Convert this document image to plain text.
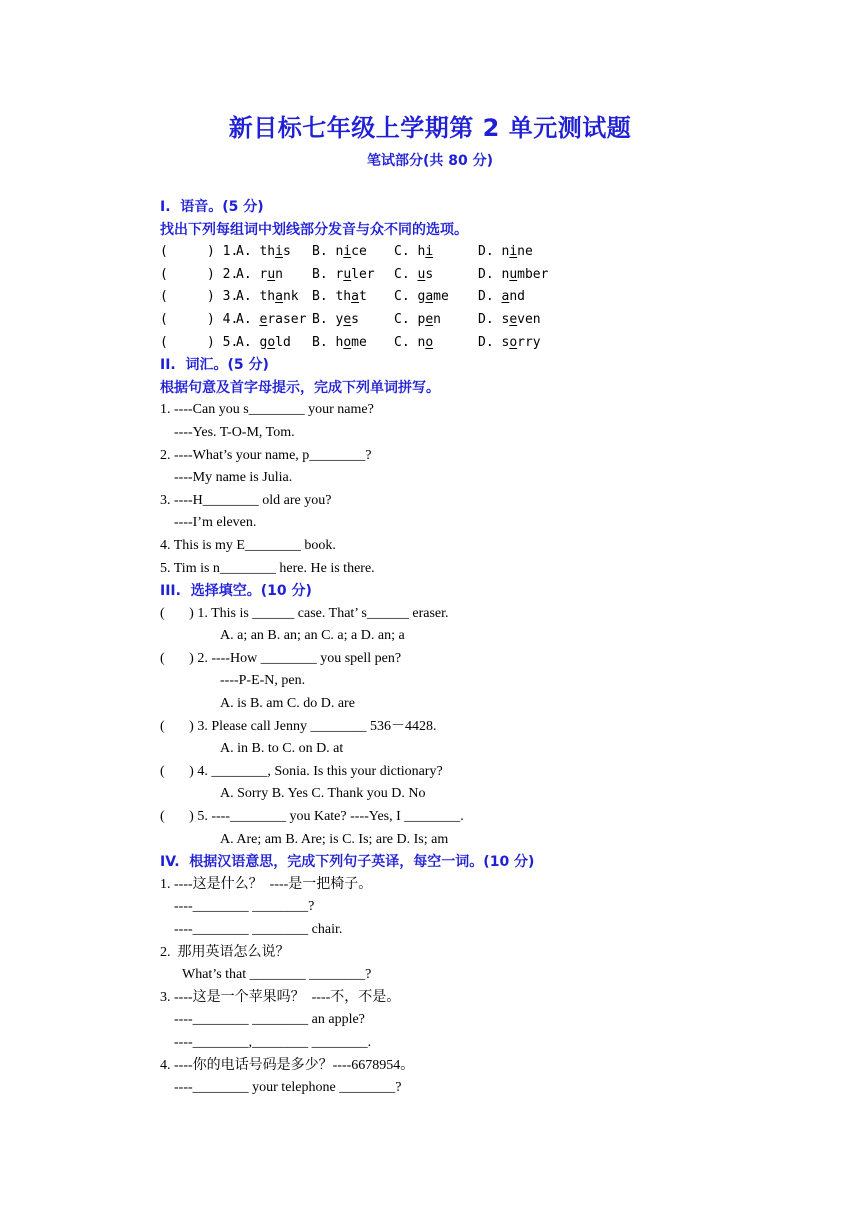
新目标七年级上学期第 2 单元测试题
笔试部分(共 80 分)
I.  语音。(5 分)
找出下列每组词中划线部分发音与众不同的选项。
(     ) 1.A. this B. nice C. hi	D. nine
(     ) 2.A. run B. ruler C. us	D. number
(     ) 3.A. thank B. that C. game D. and
(     ) 4.A. eraser B. yes	C. pen	D. seven
(     ) 5.A. gold B. home C. no	D. sorry
II.  词汇。(5 分)
根据句意及首字母提示，完成下列单词拼写。
1. ----Can you s________ your name?
----Yes. T-O-M, Tom.
2. ----What’s your name, p________?
----My name is Julia.
3. ----H________ old are you?
----I’m eleven.
4. This is my E________ book.
5. Tim is n________ here. He is there.
III.  选择填空。(10 分)
(       ) 1. This is ______ case. That’ s______ eraser.
A. a; an B. an; an C. a; a D. an; a
(       ) 2. ----How ________ you spell pen?
----P-E-N, pen.
A. is B. am C. do D. are
(       ) 3. Please call Jenny ________ 536－4428.
A. in B. to C. on D. at
(       ) 4. ________, Sonia. Is this your dictionary?
A. Sorry B. Yes C. Thank you D. No
(       ) 5. ----________ you Kate? ----Yes, I ________.
A. Are; am B. Are; is C. Is; are D. Is; am
IV.  根据汉语意思，完成下列句子英译，每空一词。(10 分)
1. ----这是什么？  ----是一把椅子。
----________ ________?
----________ ________ chair.
2.  那用英语怎么说？
What’s that ________ ________?
3. ----这是一个苹果吗？  ----不，不是。
----________ ________ an apple?
----________,________ ________.
4. ----你的电话号码是多少？----6678954。
----________ your telephone ________?
